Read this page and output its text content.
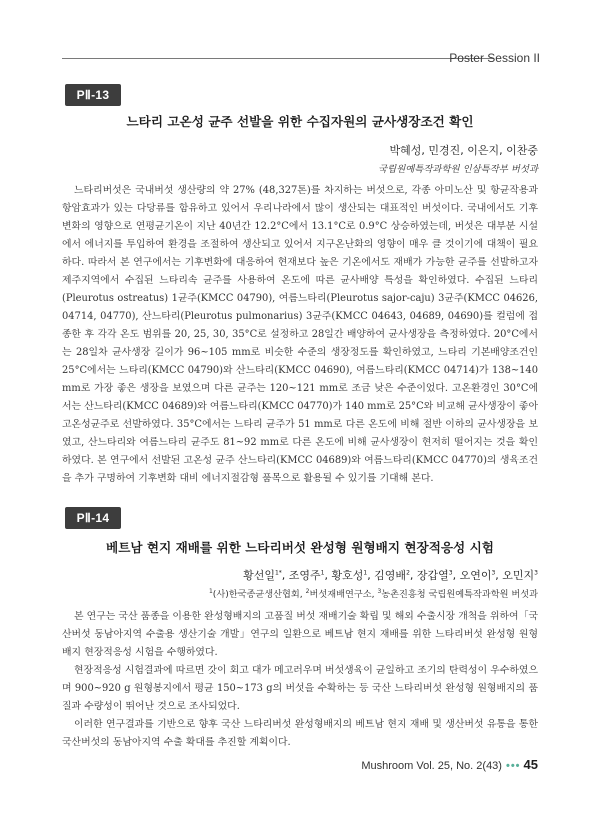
Poster Session II
PⅡ-13
느타리 고온성 균주 선발을 위한 수집자원의 균사생장조건 확인
박혜성, 민경진, 이은지, 이찬중
국립원예특작과학원 인삼특작부 버섯과

느타리버섯은 국내버섯 생산량의 약 27% (48,327톤)를 차지하는 버섯으로, 각종 아미노산 및 항균작용과 항암효과가 있는 다당류를 함유하고 있어서 우리나라에서 많이 생산되는 대표적인 버섯이다. 국내에서도 기후변화의 영향으로 연평균기온이 지난 40년간 12.2°C에서 13.1°C로 0.9°C 상승하였는데, 버섯은 대부분 시설에서 에너지를 투입하여 환경을 조절하여 생산되고 있어서 지구온난화의 영향이 매우 클 것이기에 대책이 필요하다. 따라서 본 연구에서는 기후변화에 대응하여 현재보다 높은 기온에서도 재배가 가능한 균주를 선발하고자 제주지역에서 수집된 느타리속 균주를 사용하여 온도에 따른 균사배양 특성을 확인하였다. 수집된 느타리(Pleurotus ostreatus) 1균주(KMCC 04790), 여름느타리(Pleurotus sajor-caju) 3균주(KMCC 04626, 04714, 04770), 산느타리(Pleurotus pulmonarius) 3균주(KMCC 04643, 04689, 04690)를 컬럼에 접종한 후 각각 온도 범위를 20, 25, 30, 35°C로 설정하고 28일간 배양하여 균사생장을 측정하였다. 20°C에서는 28일차 균사생장 길이가 96~105 mm로 비슷한 수준의 생장정도를 확인하였고, 느타리 기본배양조건인 25°C에서는 느타리(KMCC 04790)와 산느타리(KMCC 04690), 여름느타리(KMCC 04714)가 138~140 mm로 가장 좋은 생장을 보였으며 다른 균주는 120~121 mm로 조금 낮은 수준이었다. 고온환경인 30°C에서는 산느타리(KMCC 04689)와 여름느타리(KMCC 04770)가 140 mm로 25°C와 비교해 균사생장이 좋아 고온성균주로 선발하였다. 35°C에서는 느타리 균주가 51 mm로 다른 온도에 비해 절반 이하의 균사생장을 보였고, 산느타리와 여름느타리 균주도 81~92 mm로 다른 온도에 비해 균사생장이 현저히 떨어지는 것을 확인하였다. 본 연구에서 선발된 고온성 균주 산느타리(KMCC 04689)와 여름느타리(KMCC 04770)의 생육조건을 추가 구명하여 기후변화 대비 에너지절감형 품목으로 활용될 수 있기를 기대해 본다.

PⅡ-14
베트남 현지 재배를 위한 느타리버섯 완성형 원형배지 현장적응성 시험
황선일$^{1*}$, 조영주$^1$, 황호성$^1$, 김영배$^2$, 장갑열$^3$, 오연이$^3$, 오민지$^3$
$^1$(사)한국종균생산협회, $^2$버섯재배연구소, $^3$농촌진흥청 국립원예특작과학원 버섯과

본 연구는 국산 품종을 이용한 완성형배지의 고품질 버섯 재배기술 확립 및 해외 수출시장 개척을 위하여「국산버섯 동남아지역 수출용 생산기술 개발」연구의 일환으로 베트남 현지 재배를 위한 느타리버섯 완성형 원형배지 현장적응성 시험을 수행하였다.

현장적응성 시험결과에 따르면 갓이 회고 대가 메고러우며 버섯생육이 균일하고 조기의 탄력성이 우수하였으며 900~920 g 원형봉지에서 평균 150~173 g의 버섯을 수확하는 등 국산 느타리버섯 완성형 원형배지의 품질과 수량성이 뛰어난 것으로 조사되었다.

이러한 연구결과를 기반으로 향후 국산 느타리버섯 완성형배지의 베트남 현지 재배 및 생산버섯 유통을 통한 국산버섯의 동남아지역 수출 확대를 추진할 계획이다.

Mushroom Vol. 25, No. 2(43) ••• 45
